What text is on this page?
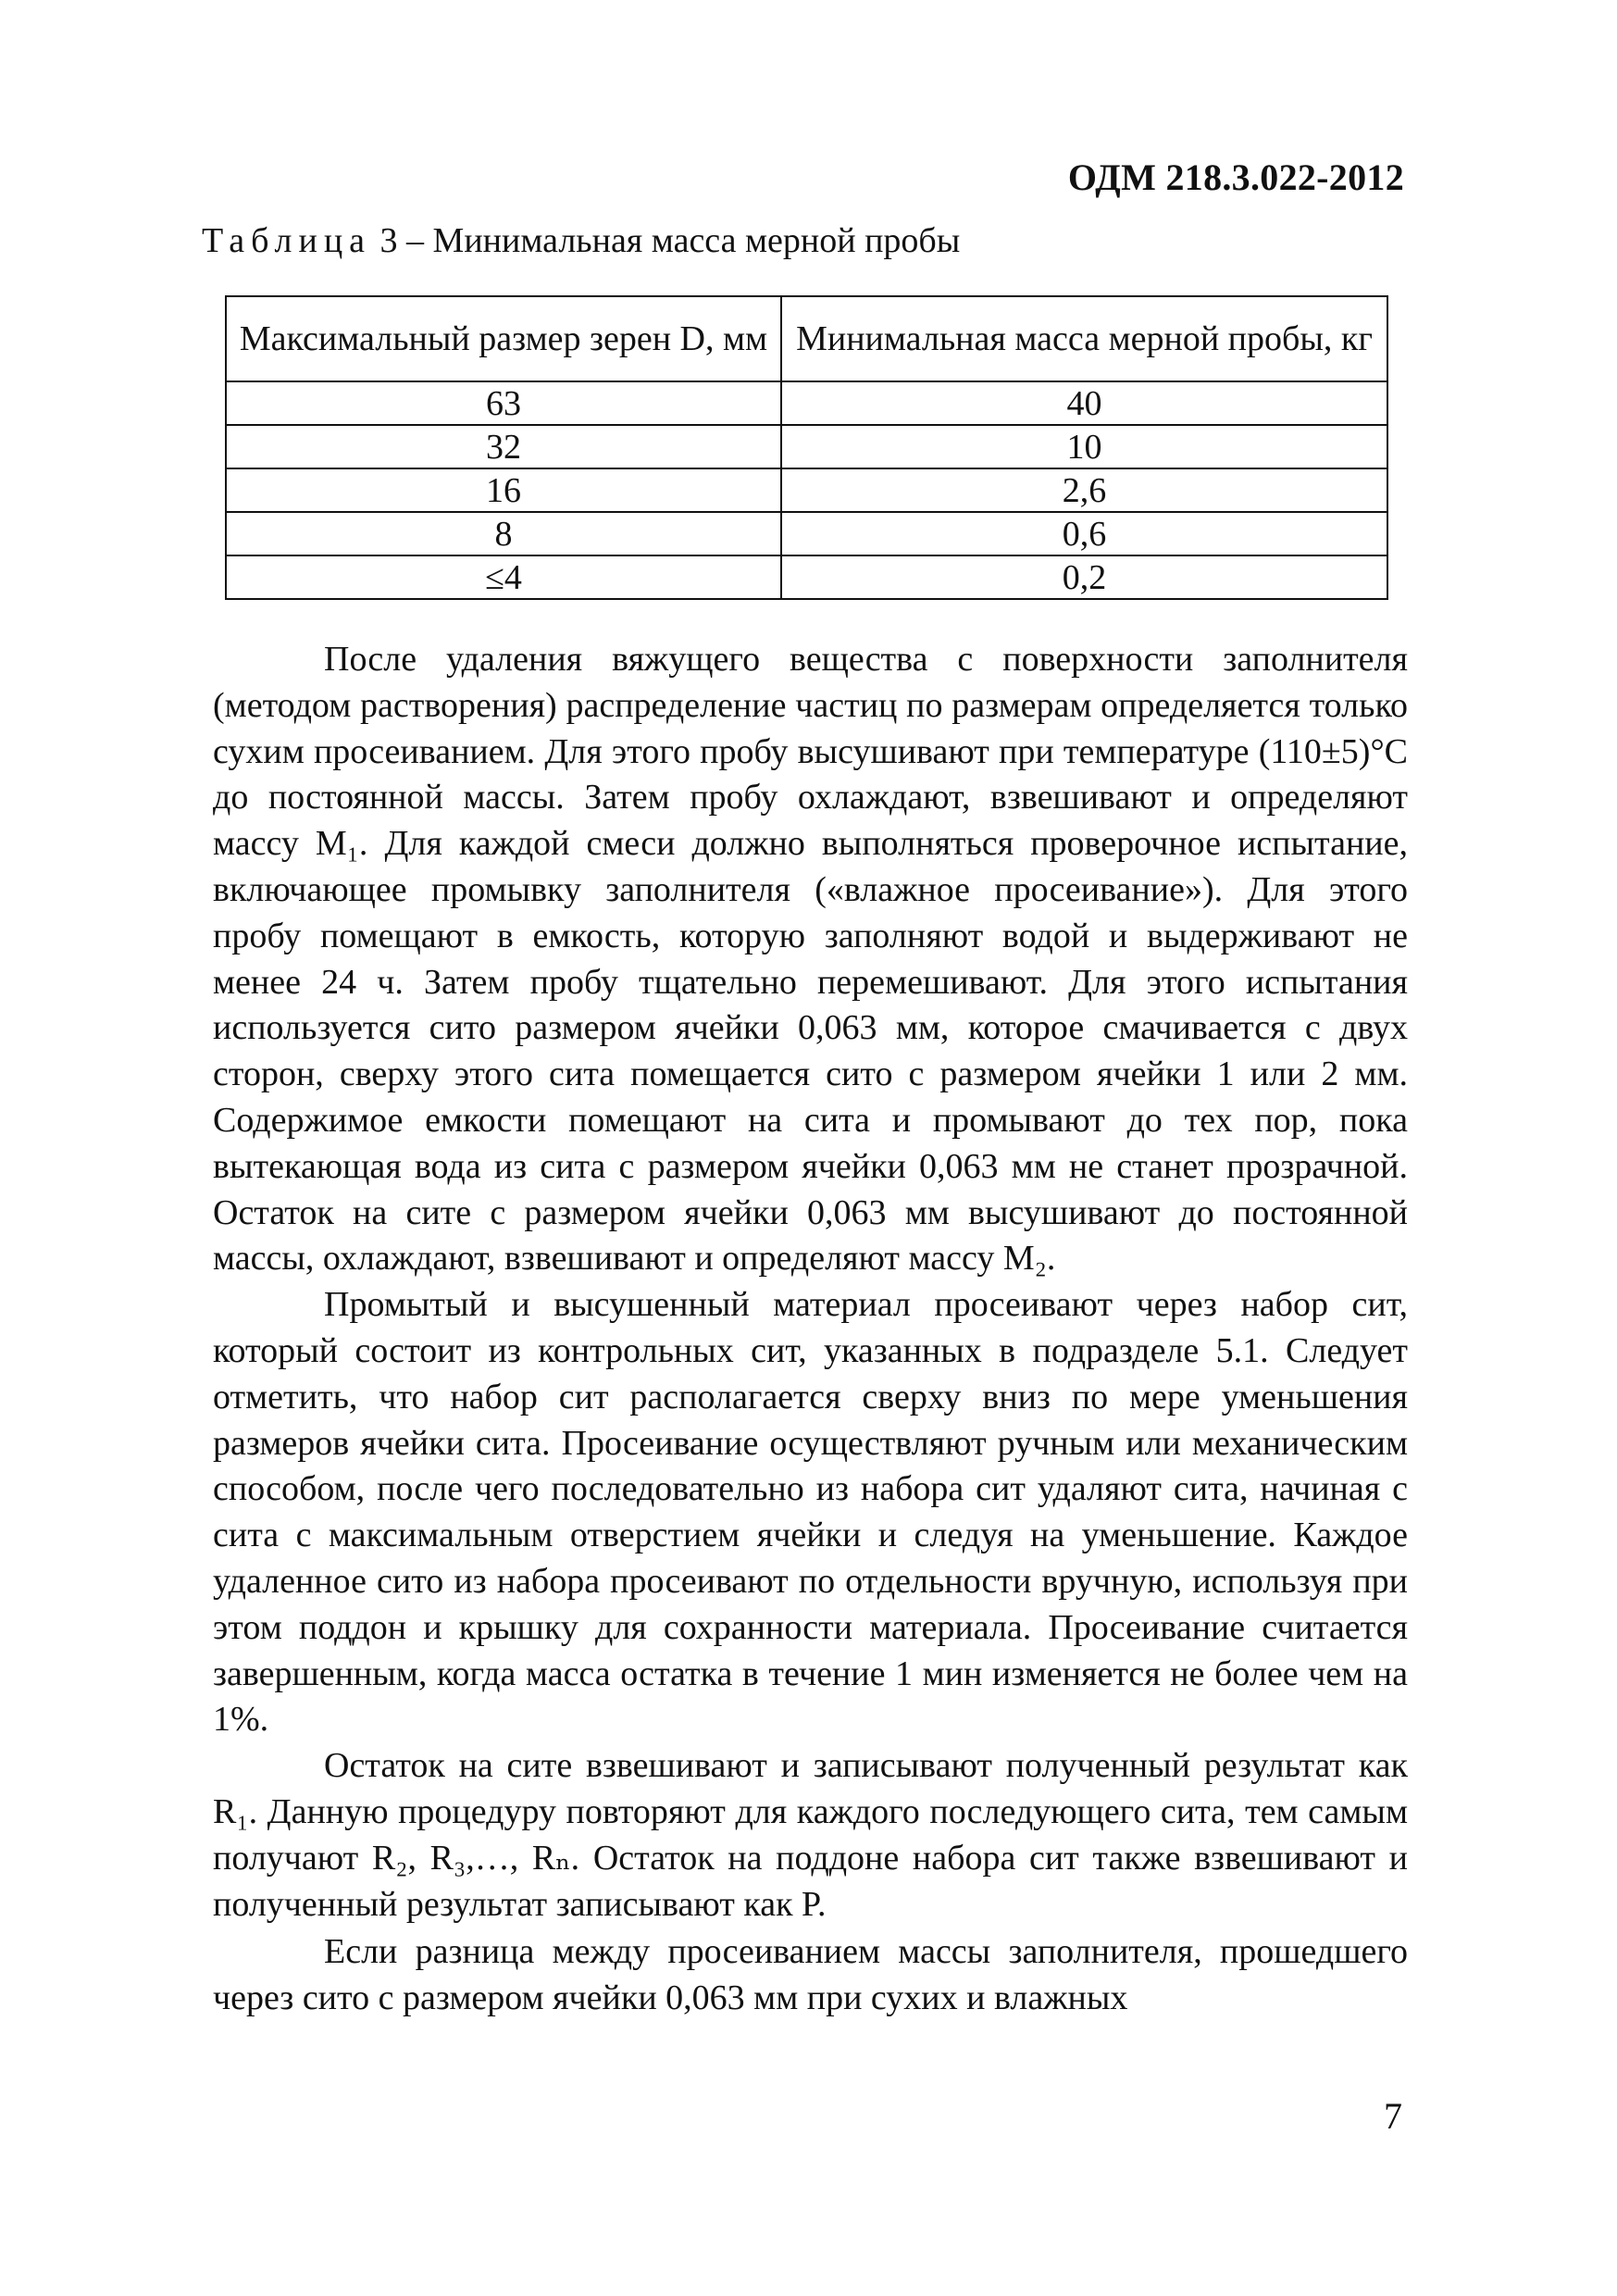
ОДМ 218.3.022-2012
Таблица 3 – Минимальная масса мерной пробы
Максимальный размер зерен D, мм	Минимальная масса мерной пробы, кг
63	40
32	10
16	2,6
8	0,6
≤4	0,2

После удаления вяжущего вещества с поверхности заполнителя (методом растворения) распределение частиц по размерам определяется только сухим просеиванием. Для этого пробу высушивают при температуре (110±5)°С до постоянной массы. Затем пробу охлаждают, взвешивают и определяют массу M₁. Для каждой смеси должно выполняться проверочное испытание, включающее промывку заполнителя («влажное просеивание»). Для этого пробу помещают в емкость, которую заполняют водой и выдерживают не менее 24 ч. Затем пробу тщательно перемешивают. Для этого испытания используется сито размером ячейки 0,063 мм, которое смачивается с двух сторон, сверху этого сита помещается сито с размером ячейки 1 или 2 мм. Содержимое емкости помещают на сита и промывают до тех пор, пока вытекающая вода из сита с размером ячейки 0,063 мм не станет прозрачной. Остаток на сите с размером ячейки 0,063 мм высушивают до постоянной массы, охлаждают, взвешивают и определяют массу M₂.

Промытый и высушенный материал просеивают через набор сит, который состоит из контрольных сит, указанных в подразделе 5.1. Следует отметить, что набор сит располагается сверху вниз по мере уменьшения размеров ячейки сита. Просеивание осуществляют ручным или механическим способом, после чего последовательно из набора сит удаляют сита, начиная с сита с максимальным отверстием ячейки и следуя на уменьшение. Каждое удаленное сито из набора просеивают по отдельности вручную, используя при этом поддон и крышку для сохранности материала. Просеивание считается завершенным, когда масса остатка в течение 1 мин изменяется не более чем на 1%.

Остаток на сите взвешивают и записывают полученный результат как R₁. Данную процедуру повторяют для каждого последующего сита, тем самым получают R₂, R₃,…, Rₙ. Остаток на поддоне набора сит также взвешивают и полученный результат записывают как P.

Если разница между просеиванием массы заполнителя, прошедшего через сито с размером ячейки 0,063 мм при сухих и влажных

7
